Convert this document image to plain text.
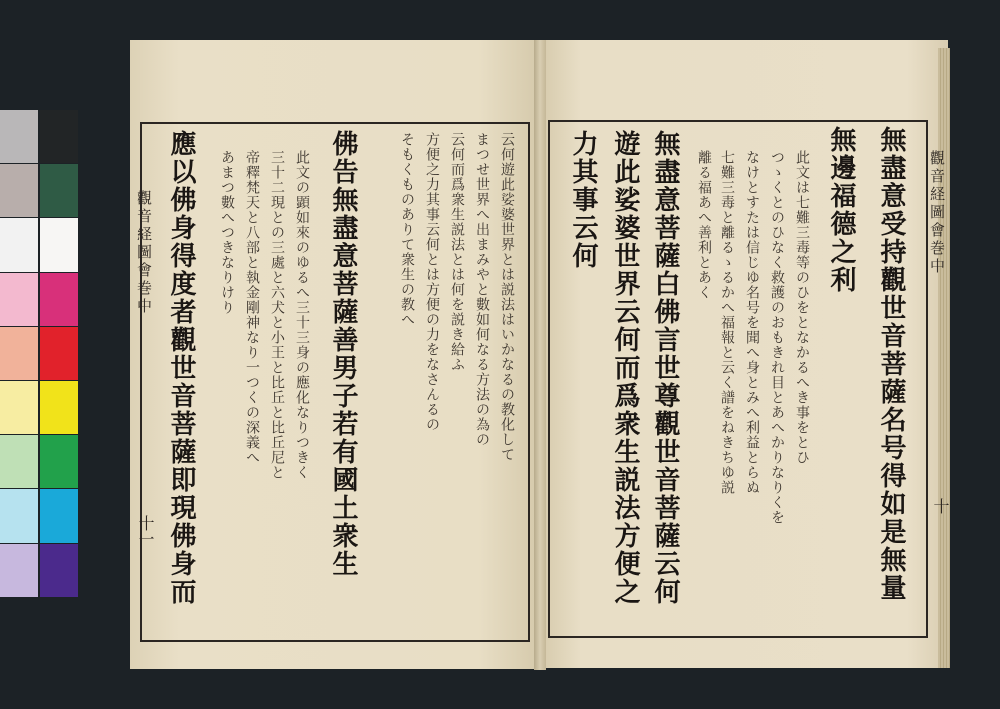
觀音経圖會巻中
十
無盡意受持觀世音菩薩名号得如是無量
無邊福德之利
此文は七難三毒等のひをとなかるへき事をとひ
つゝくとのひなく救護のおもきれ目とあへかりなりくを
なけとすたは信じゆ名号を聞へ身とみへ利益とらぬ
七難三毒と離るゝるかへ福報と云く譜をねきちゆ説
離る福あへ善利とあく
無盡意菩薩白佛言世尊觀世音菩薩云何
遊此娑婆世界云何而爲衆生説法方便之
力其事云何
觀音経圖會巻中
十一
云何遊此娑婆世界とは説法はいかなるの教化して
まつせ世界へ出まみやと數如何なる方法の為の
云何而爲衆生説法とは何を説き給ふ
方便之力其事云何とは方便の力をなさんるの
そもくものありて衆生の教へ
佛告無盡意菩薩善男子若有國土衆生
此文の顕如來のゆるへ三十三身の應化なりつきく
三十二現との三處と六犬と小王と比丘と比丘尼と
帝釋梵天と八部と執金剛神なり一つくの深義へ
あまつ數へつきなりけり
應以佛身得度者觀世音菩薩即現佛身而
